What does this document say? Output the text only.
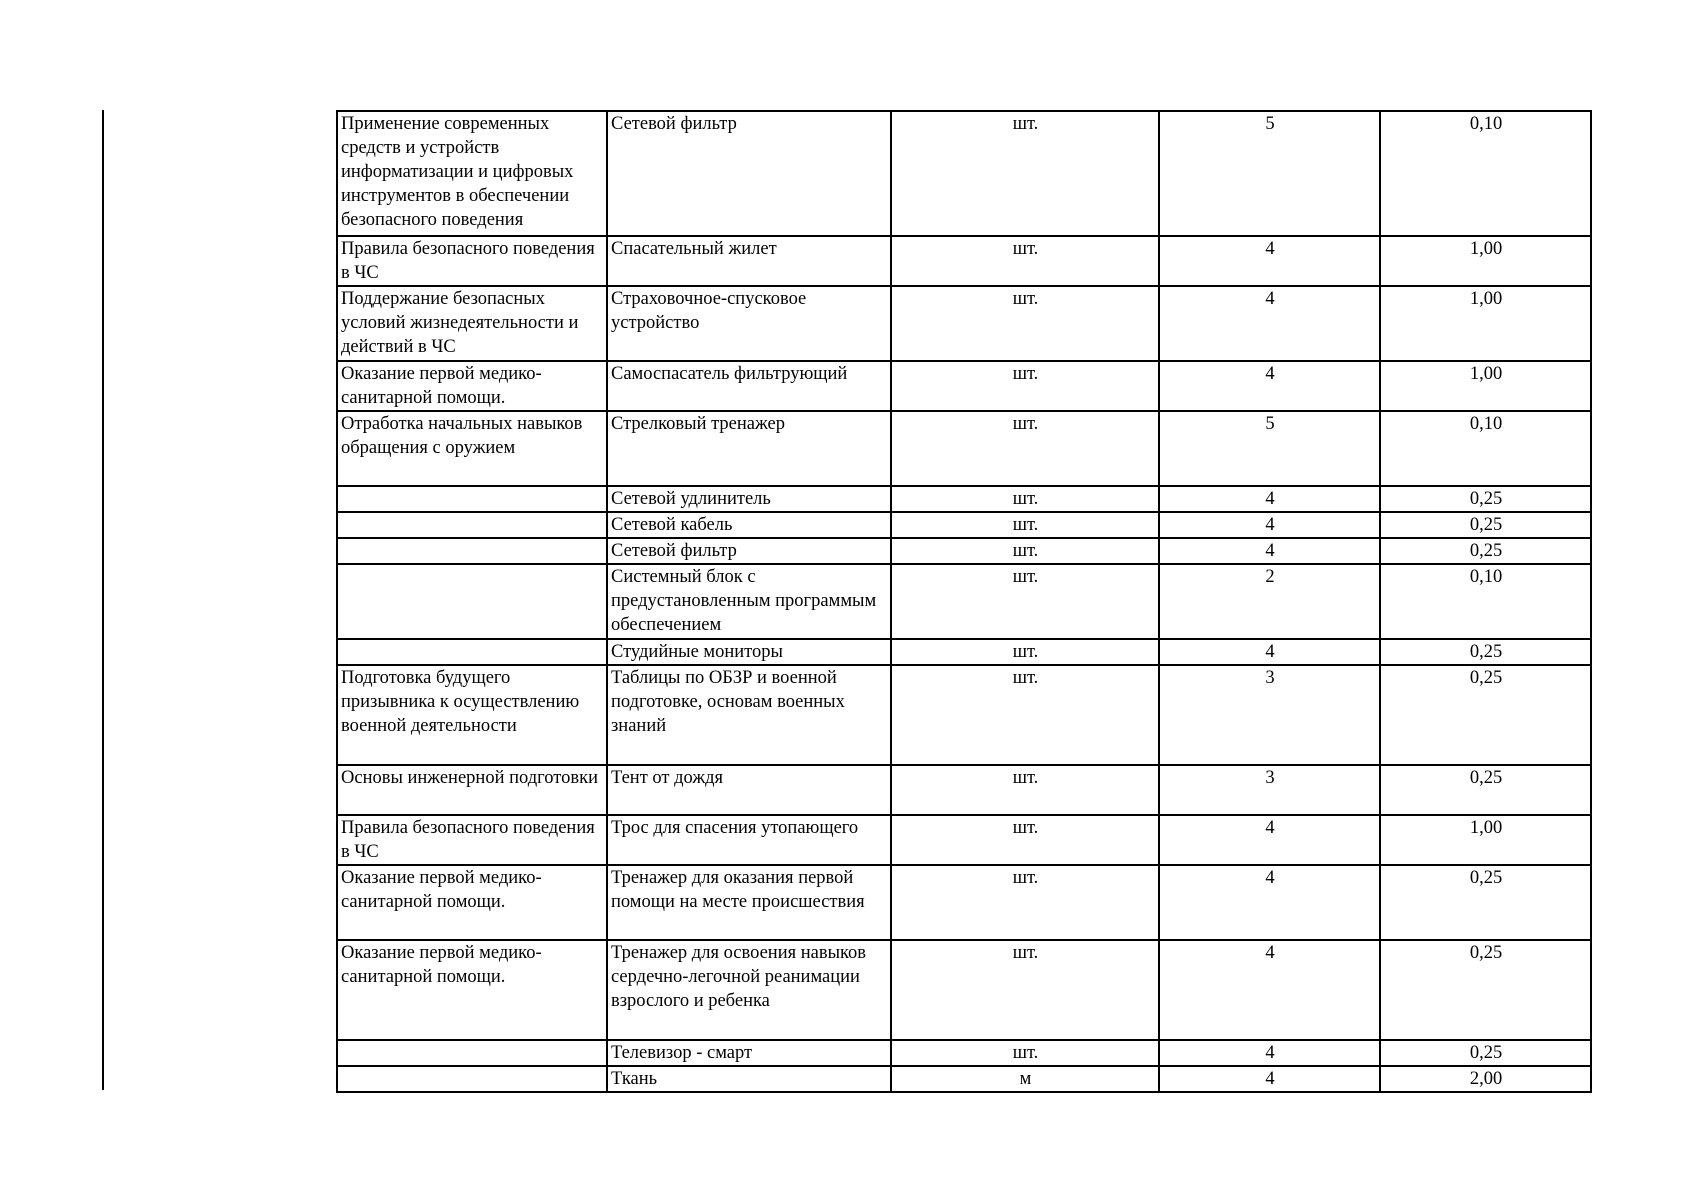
Применение современных средств и устройств информатизации и цифровых инструментов в обеспечении безопасного поведения	Сетевой фильтр	шт.	5	0,10
Правила безопасного поведения в ЧС	Спасательный жилет	шт.	4	1,00
Поддержание безопасных условий жизнедеятельности и действий в ЧС	Страховочное-спусковое устройство	шт.	4	1,00
Оказание первой медико-санитарной помощи.	Самоспасатель фильтрующий	шт.	4	1,00
Отработка начальных навыков обращения с оружием	Стрелковый тренажер	шт.	5	0,10
	Сетевой удлинитель	шт.	4	0,25
	Сетевой кабель	шт.	4	0,25
	Сетевой фильтр	шт.	4	0,25
	Системный блок с предустановленным программым обеспечением	шт.	2	0,10
	Студийные мониторы	шт.	4	0,25
Подготовка будущего призывника к осуществлению военной деятельности	Таблицы по ОБЗР и военной подготовке, основам военных знаний	шт.	3	0,25
Основы инженерной подготовки	Тент от дождя	шт.	3	0,25
Правила безопасного поведения в ЧС	Трос для спасения утопающего	шт.	4	1,00
Оказание первой медико-санитарной помощи.	Тренажер для оказания первой помощи на месте происшествия	шт.	4	0,25
Оказание первой медико-санитарной помощи.	Тренажер для освоения навыков сердечно-легочной реанимации взрослого и ребенка	шт.	4	0,25
	Телевизор - смарт	шт.	4	0,25
	Ткань	м	4	2,00
